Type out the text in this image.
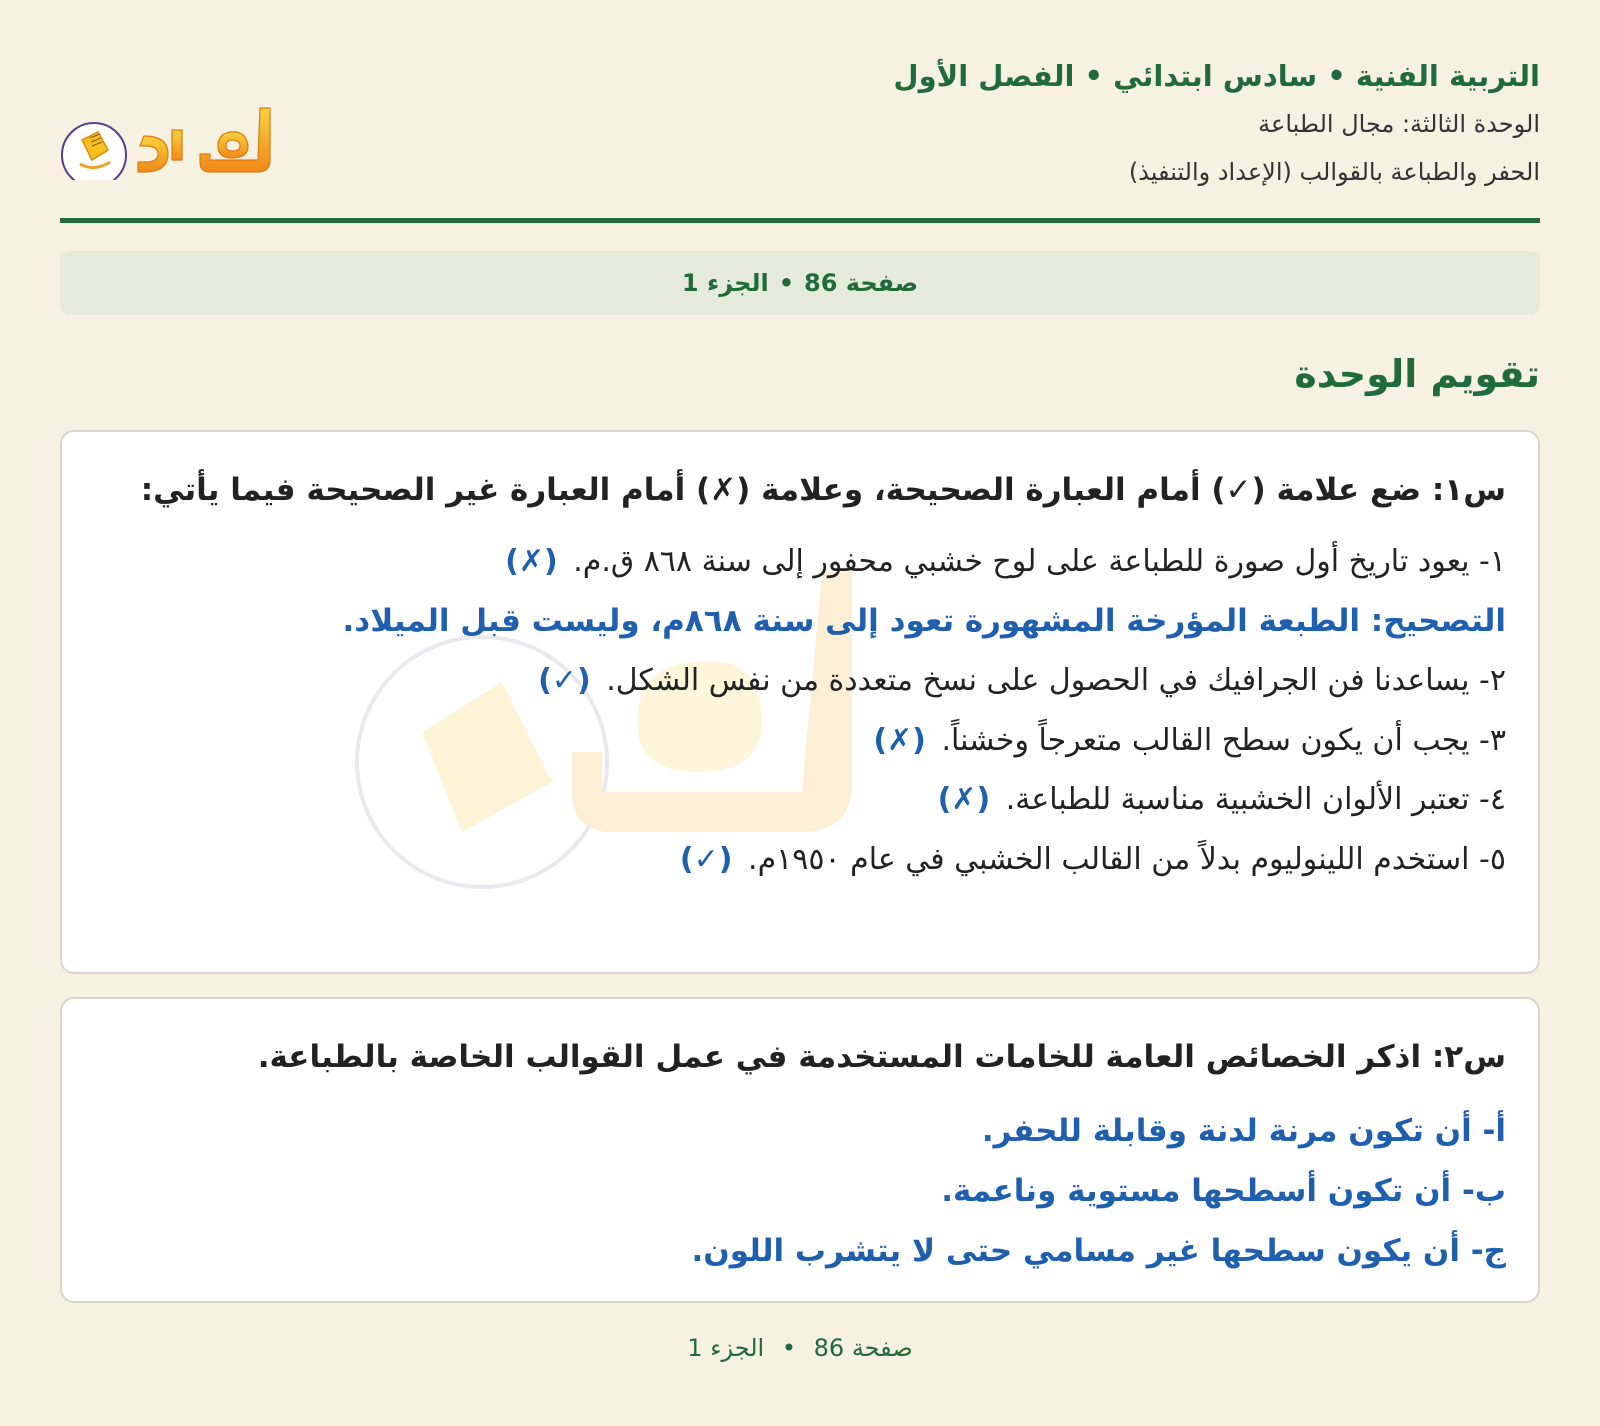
التربية الفنية • سادس ابتدائي • الفصل الأول
الوحدة الثالثة: مجال الطباعة
الحفر والطباعة بالقوالب (الإعداد والتنفيذ)
صفحة 86
•
الجزء 1
تقويم الوحدة
س١: ضع علامة (✓) أمام العبارة الصحيحة، وعلامة (✗) أمام العبارة غير الصحيحة فيما يأتي:
١- يعود تاريخ أول صورة للطباعة على لوح خشبي محفور إلى سنة ٨٦٨ ق.م. (✗)
التصحيح: الطبعة المؤرخة المشهورة تعود إلى سنة ٨٦٨م، وليست قبل الميلاد.
٢- يساعدنا فن الجرافيك في الحصول على نسخ متعددة من نفس الشكل. (✓)
٣- يجب أن يكون سطح القالب متعرجاً وخشناً. (✗)
٤- تعتبر الألوان الخشبية مناسبة للطباعة. (✗)
٥- استخدم اللينوليوم بدلاً من القالب الخشبي في عام ١٩٥٠م. (✓)
س٢: اذكر الخصائص العامة للخامات المستخدمة في عمل القوالب الخاصة بالطباعة.
أ- أن تكون مرنة لدنة وقابلة للحفر.
ب- أن تكون أسطحها مستوية وناعمة.
ج- أن يكون سطحها غير مسامي حتى لا يتشرب اللون.
صفحة 86 • الجزء 1
